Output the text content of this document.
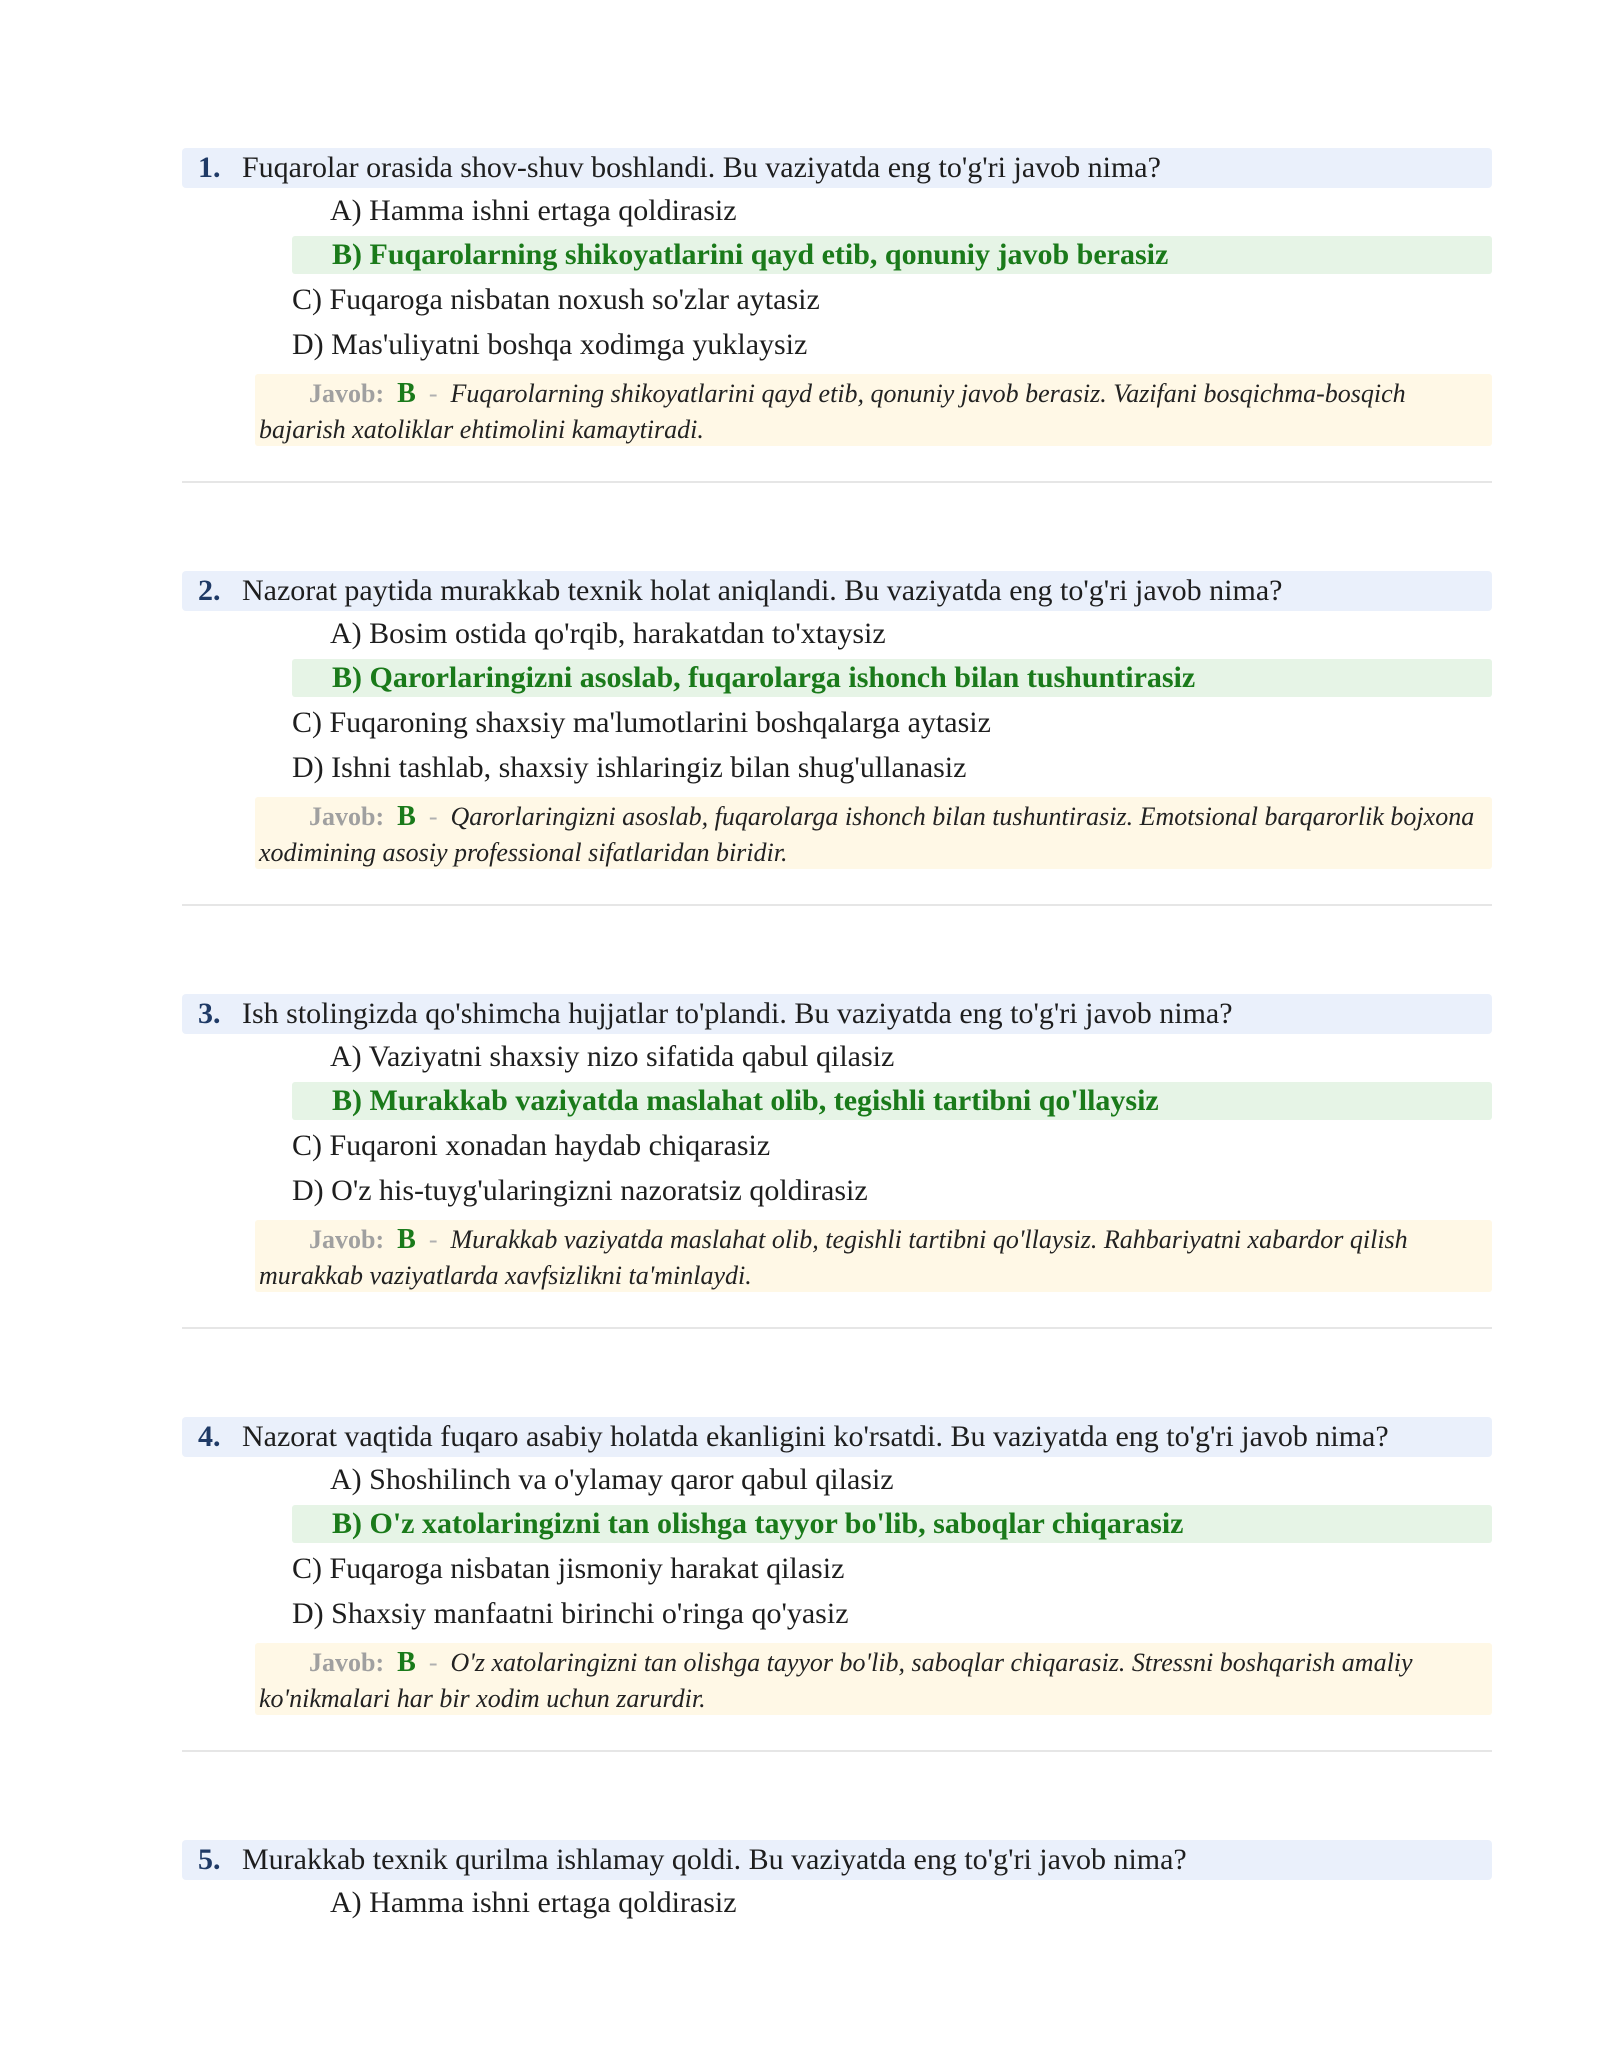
1. Fuqarolar orasida shov-shuv boshlandi. Bu vaziyatda eng to'g'ri javob nima?
A) Hamma ishni ertaga qoldirasiz
B) Fuqarolarning shikoyatlarini qayd etib, qonuniy javob berasiz
C) Fuqaroga nisbatan noxush so'zlar aytasiz
D) Mas'uliyatni boshqa xodimga yuklaysiz
Javob: B - Fuqarolarning shikoyatlarini qayd etib, qonuniy javob berasiz. Vazifani bosqichma-bosqich bajarish xatoliklar ehtimolini kamaytiradi.
2. Nazorat paytida murakkab texnik holat aniqlandi. Bu vaziyatda eng to'g'ri javob nima?
A) Bosim ostida qo'rqib, harakatdan to'xtaysiz
B) Qarorlaringizni asoslab, fuqarolarga ishonch bilan tushuntirasiz
C) Fuqaroning shaxsiy ma'lumotlarini boshqalarga aytasiz
D) Ishni tashlab, shaxsiy ishlaringiz bilan shug'ullanasiz
Javob: B - Qarorlaringizni asoslab, fuqarolarga ishonch bilan tushuntirasiz. Emotsional barqarorlik bojxona xodimining asosiy professional sifatlaridan biridir.
3. Ish stolingizda qo'shimcha hujjatlar to'plandi. Bu vaziyatda eng to'g'ri javob nima?
A) Vaziyatni shaxsiy nizo sifatida qabul qilasiz
B) Murakkab vaziyatda maslahat olib, tegishli tartibni qo'llaysiz
C) Fuqaroni xonadan haydab chiqarasiz
D) O'z his-tuyg'ularingizni nazoratsiz qoldirasiz
Javob: B - Murakkab vaziyatda maslahat olib, tegishli tartibni qo'llaysiz. Rahbariyatni xabardor qilish murakkab vaziyatlarda xavfsizlikni ta'minlaydi.
4. Nazorat vaqtida fuqaro asabiy holatda ekanligini ko'rsatdi. Bu vaziyatda eng to'g'ri javob nima?
A) Shoshilinch va o'ylamay qaror qabul qilasiz
B) O'z xatolaringizni tan olishga tayyor bo'lib, saboqlar chiqarasiz
C) Fuqaroga nisbatan jismoniy harakat qilasiz
D) Shaxsiy manfaatni birinchi o'ringa qo'yasiz
Javob: B - O'z xatolaringizni tan olishga tayyor bo'lib, saboqlar chiqarasiz. Stressni boshqarish amaliy ko'nikmalari har bir xodim uchun zarurdir.
5. Murakkab texnik qurilma ishlamay qoldi. Bu vaziyatda eng to'g'ri javob nima?
A) Hamma ishni ertaga qoldirasiz
